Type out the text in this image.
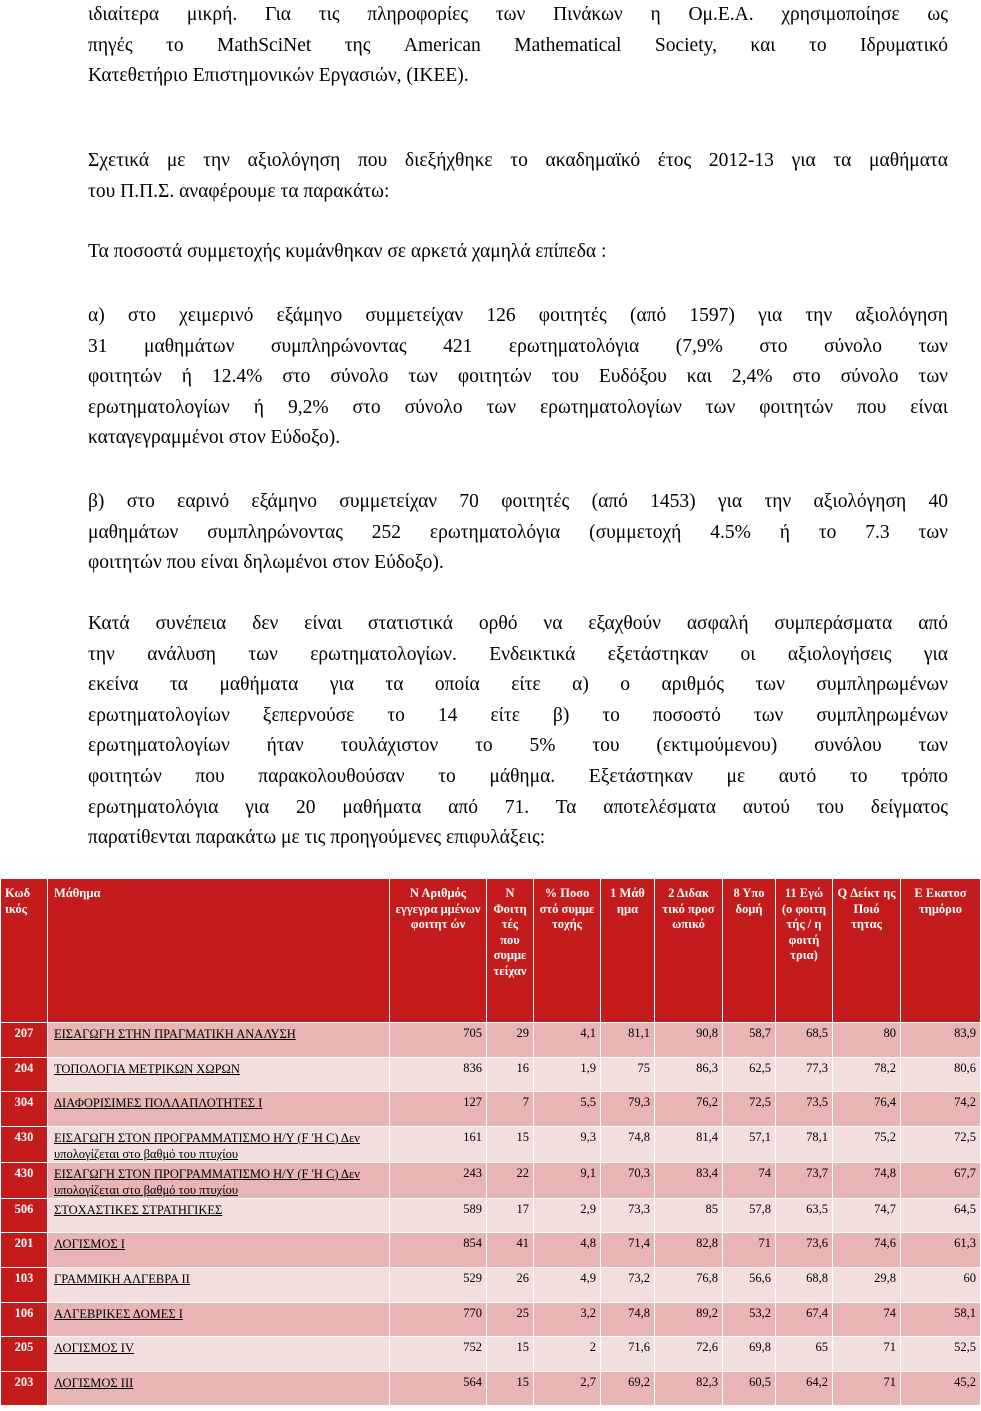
ιδιαίτερα μικρή. Για τις πληροφορίες των Πινάκων η Ομ.Ε.Α. χρησιμοποίησε ως
πηγές το MathSciNet της American Mathematical Society, και το Ιδρυματικό
Κατεθετήριο Επιστημονικών Εργασιών, (ΙΚΕΕ).
Σχετικά με την αξιολόγηση που διεξήχθηκε το ακαδημαϊκό έτος 2012-13 για τα μαθήματα
του Π.Π.Σ. αναφέρουμε τα παρακάτω:
Τα ποσοστά συμμετοχής κυμάνθηκαν σε αρκετά χαμηλά επίπεδα :
α) στο χειμερινό εξάμηνο συμμετείχαν 126 φοιτητές (από 1597) για την αξιολόγηση
31 μαθημάτων συμπληρώνοντας 421 ερωτηματολόγια (7,9% στο σύνολο των
φοιτητών ή 12.4% στο σύνολο των φοιτητών του Ευδόξου και 2,4% στο σύνολο των
ερωτηματολογίων ή 9,2% στο σύνολο των ερωτηματολογίων των φοιτητών που είναι
καταγεγραμμένοι στον Εύδοξο).
β) στο εαρινό εξάμηνο συμμετείχαν 70 φοιτητές (από 1453) για την αξιολόγηση 40
μαθημάτων συμπληρώνοντας 252 ερωτηματολόγια (συμμετοχή 4.5% ή το 7.3 των
φοιτητών που είναι δηλωμένοι στον Εύδοξο).
Κατά συνέπεια δεν είναι στατιστικά ορθό να εξαχθούν ασφαλή συμπεράσματα από
την ανάλυση των ερωτηματολογίων. Ενδεικτικά εξετάστηκαν οι αξιολογήσεις για
εκείνα τα μαθήματα για τα οποία είτε α) ο αριθμός των συμπληρωμένων
ερωτηματολογίων ξεπερνούσε το 14 είτε β) το ποσοστό των συμπληρωμένων
ερωτηματολογίων ήταν τουλάχιστον το 5% του (εκτιμούμενου) συνόλου των
φοιτητών που παρακολουθούσαν το μάθημα. Εξετάστηκαν με αυτό το τρόπο
ερωτηματολόγια για 20 μαθήματα από 71. Τα αποτελέσματα αυτού του δείγματος
παρατίθενται παρακάτω με τις προηγούμενες επιφυλάξεις:
Κωδ ικός	Μάθημα	Ν Αριθμός εγγεγρα μμένων φοιτητ ών	Ν Φοιτη τές που συμμε τείχαν	% Ποσο στό συμμε τοχής	1 Μάθ ημα	2 Διδακ τικό προσ ωπικό	8 Υπο δομή	11 Εγώ (ο φοιτη τής / η φοιτή τρια)	Q Δείκτ ης Ποιό τητας	Ε Εκατοσ τημόριο
207	ΕΙΣΑΓΩΓΗ ΣΤΗΝ ΠΡΑΓΜΑΤΙΚΗ ΑΝΑΛΥΣΗ	705	29	4,1	81,1	90,8	58,7	68,5	80	83,9
204	ΤΟΠΟΛΟΓΙΑ ΜΕΤΡΙΚΩΝ ΧΩΡΩΝ	836	16	1,9	75	86,3	62,5	77,3	78,2	80,6
304	ΔΙΑΦΟΡΙΣΙΜΕΣ ΠΟΛΛΑΠΛΟΤΗΤΕΣ Ι	127	7	5,5	79,3	76,2	72,5	73,5	76,4	74,2
430	ΕΙΣΑΓΩΓΗ ΣΤΟΝ ΠΡΟΓΡΑΜΜΑΤΙΣΜΟ Η/Υ (F 'Η C) Δεν υπολογίζεται στο βαθμό του πτυχίου	161	15	9,3	74,8	81,4	57,1	78,1	75,2	72,5
430	ΕΙΣΑΓΩΓΗ ΣΤΟΝ ΠΡΟΓΡΑΜΜΑΤΙΣΜΟ Η/Υ (F 'Η C) Δεν υπολογίζεται στο βαθμό του πτυχίου	243	22	9,1	70,3	83,4	74	73,7	74,8	67,7
506	ΣΤΟΧΑΣΤΙΚΕΣ ΣΤΡΑΤΗΓΙΚΕΣ	589	17	2,9	73,3	85	57,8	63,5	74,7	64,5
201	ΛΟΓΙΣΜΟΣ Ι	854	41	4,8	71,4	82,8	71	73,6	74,6	61,3
103	ΓΡΑΜΜΙΚΗ ΑΛΓΕΒΡΑ ΙΙ	529	26	4,9	73,2	76,8	56,6	68,8	29,8	60
106	ΑΛΓΕΒΡΙΚΕΣ ΔΟΜΕΣ Ι	770	25	3,2	74,8	89,2	53,2	67,4	74	58,1
205	ΛΟΓΙΣΜΟΣ ΙV	752	15	2	71,6	72,6	69,8	65	71	52,5
203	ΛΟΓΙΣΜΟΣ ΙΙΙ	564	15	2,7	69,2	82,3	60,5	64,2	71	45,2
